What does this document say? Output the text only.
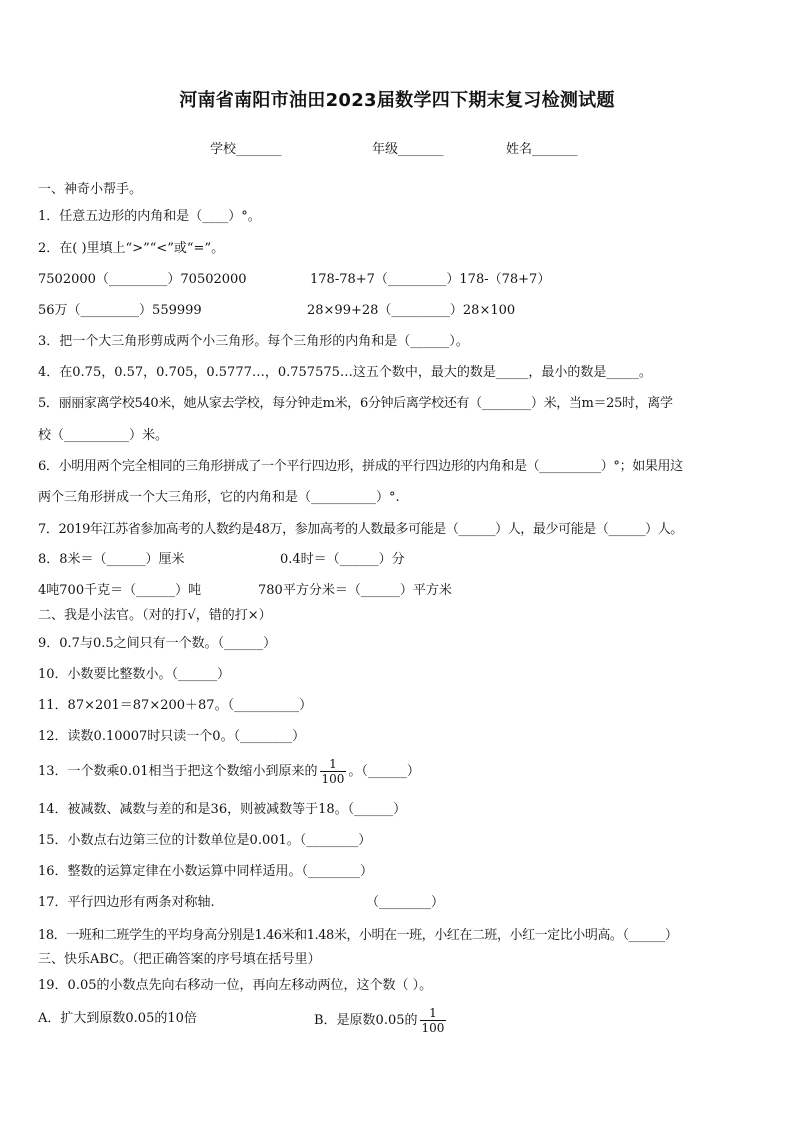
河南省南阳市油田2023届数学四下期末复习检测试题
学校_______	年级_______	姓名_______
一、神奇小帮手。
1．任意五边形的内角和是（____）°。
2．在( )里填上“>”“<”或“=”。
7502000（_________）70502000	178-78+7（_________）178-（78+7）
56万（_________）559999	28×99+28（_________）28×100
3．把一个大三角形剪成两个小三角形。每个三角形的内角和是（______）。
4．在0.75，0.57，0.705，0.5777…，0.757575…这五个数中，最大的数是_____，最小的数是_____。
5．丽丽家离学校540米，她从家去学校，每分钟走m米，6分钟后离学校还有（________）米，当m＝25时，离学
校（__________）米。
6．小明用两个完全相同的三角形拼成了一个平行四边形，拼成的平行四边形的内角和是（__________）°；如果用这
两个三角形拼成一个大三角形，它的内角和是（__________）°.
7．2019年江苏省参加高考的人数约是48万，参加高考的人数最多可能是（______）人，最少可能是（______）人。
8．8米＝（______）厘米	0.4时＝（______）分
4吨700千克＝（______）吨	780平方分米＝（______）平方米
二、我是小法官。（对的打√，错的打×）
9．0.7与0.5之间只有一个数。（______）
10．小数要比整数小。（______）
11．87×201＝87×200＋87。（__________）
12．读数0.10007时只读一个0。（________）
13．一个数乘0.01相当于把这个数缩小到原来的 $\frac{1}{100}$ 。（______）
14．被减数、减数与差的和是36，则被减数等于18。（______）
15．小数点右边第三位的计数单位是0.001。（________）
16．整数的运算定律在小数运算中同样适用。（________）
17．平行四边形有两条对称轴.	（________）
18．一班和二班学生的平均身高分别是1.46米和1.48米，小明在一班，小红在二班，小红一定比小明高。（______）
三、快乐ABC。（把正确答案的序号填在括号里）
19．0.05的小数点先向右移动一位，再向左移动两位，这个数（ ）。
A．扩大到原数0.05的10倍	B．是原数0.05的 $\frac{1}{100}$
